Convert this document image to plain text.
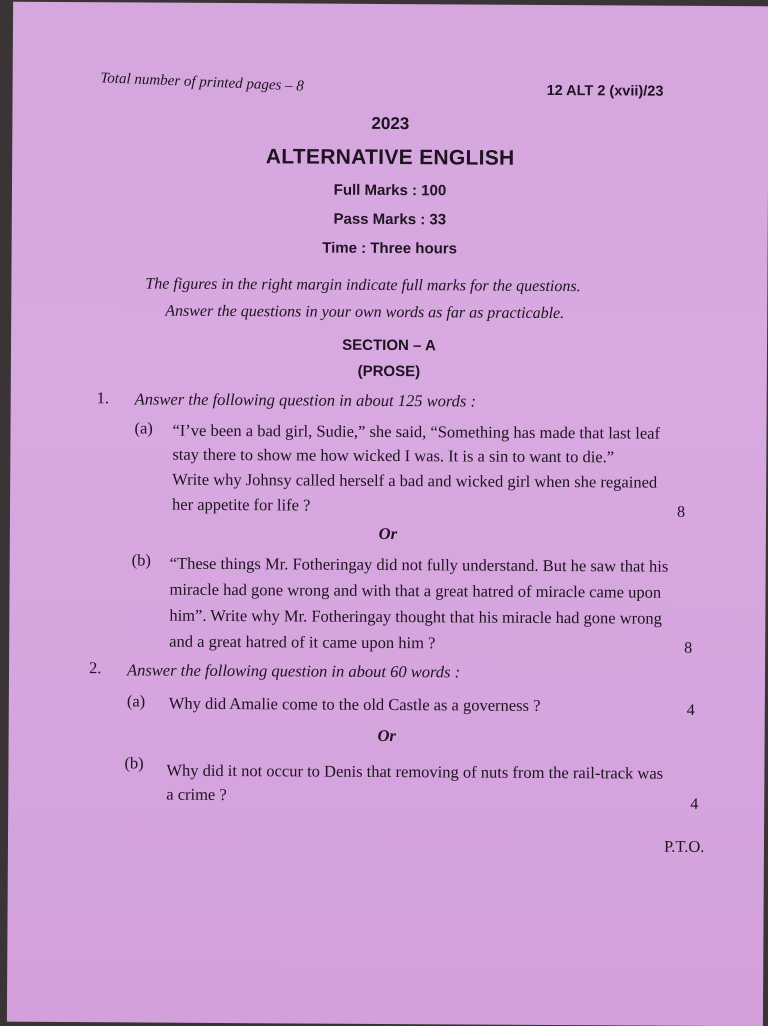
Total number of printed pages – 8	12 ALT 2 (xvii)/23
2023
ALTERNATIVE ENGLISH
Full Marks : 100
Pass Marks : 33
Time : Three hours
The figures in the right margin indicate full marks for the questions.
Answer the questions in your own words as far as practicable.
SECTION – A
(PROSE)
1. Answer the following question in about 125 words :
(a) “I’ve been a bad girl, Sudie,” she said, “Something has made that last leaf
stay there to show me how wicked I was. It is a sin to want to die.”
Write why Johnsy called herself a bad and wicked girl when she regained
her appetite for life ?	8
Or
(b) “These things Mr. Fotheringay did not fully understand. But he saw that his
miracle had gone wrong and with that a great hatred of miracle came upon
him”. Write why Mr. Fotheringay thought that his miracle had gone wrong
and a great hatred of it came upon him ?	8
2. Answer the following question in about 60 words :
(a) Why did Amalie come to the old Castle as a governess ?	4
Or
(b) Why did it not occur to Denis that removing of nuts from the rail-track was
a crime ?
4
P.T.O.
